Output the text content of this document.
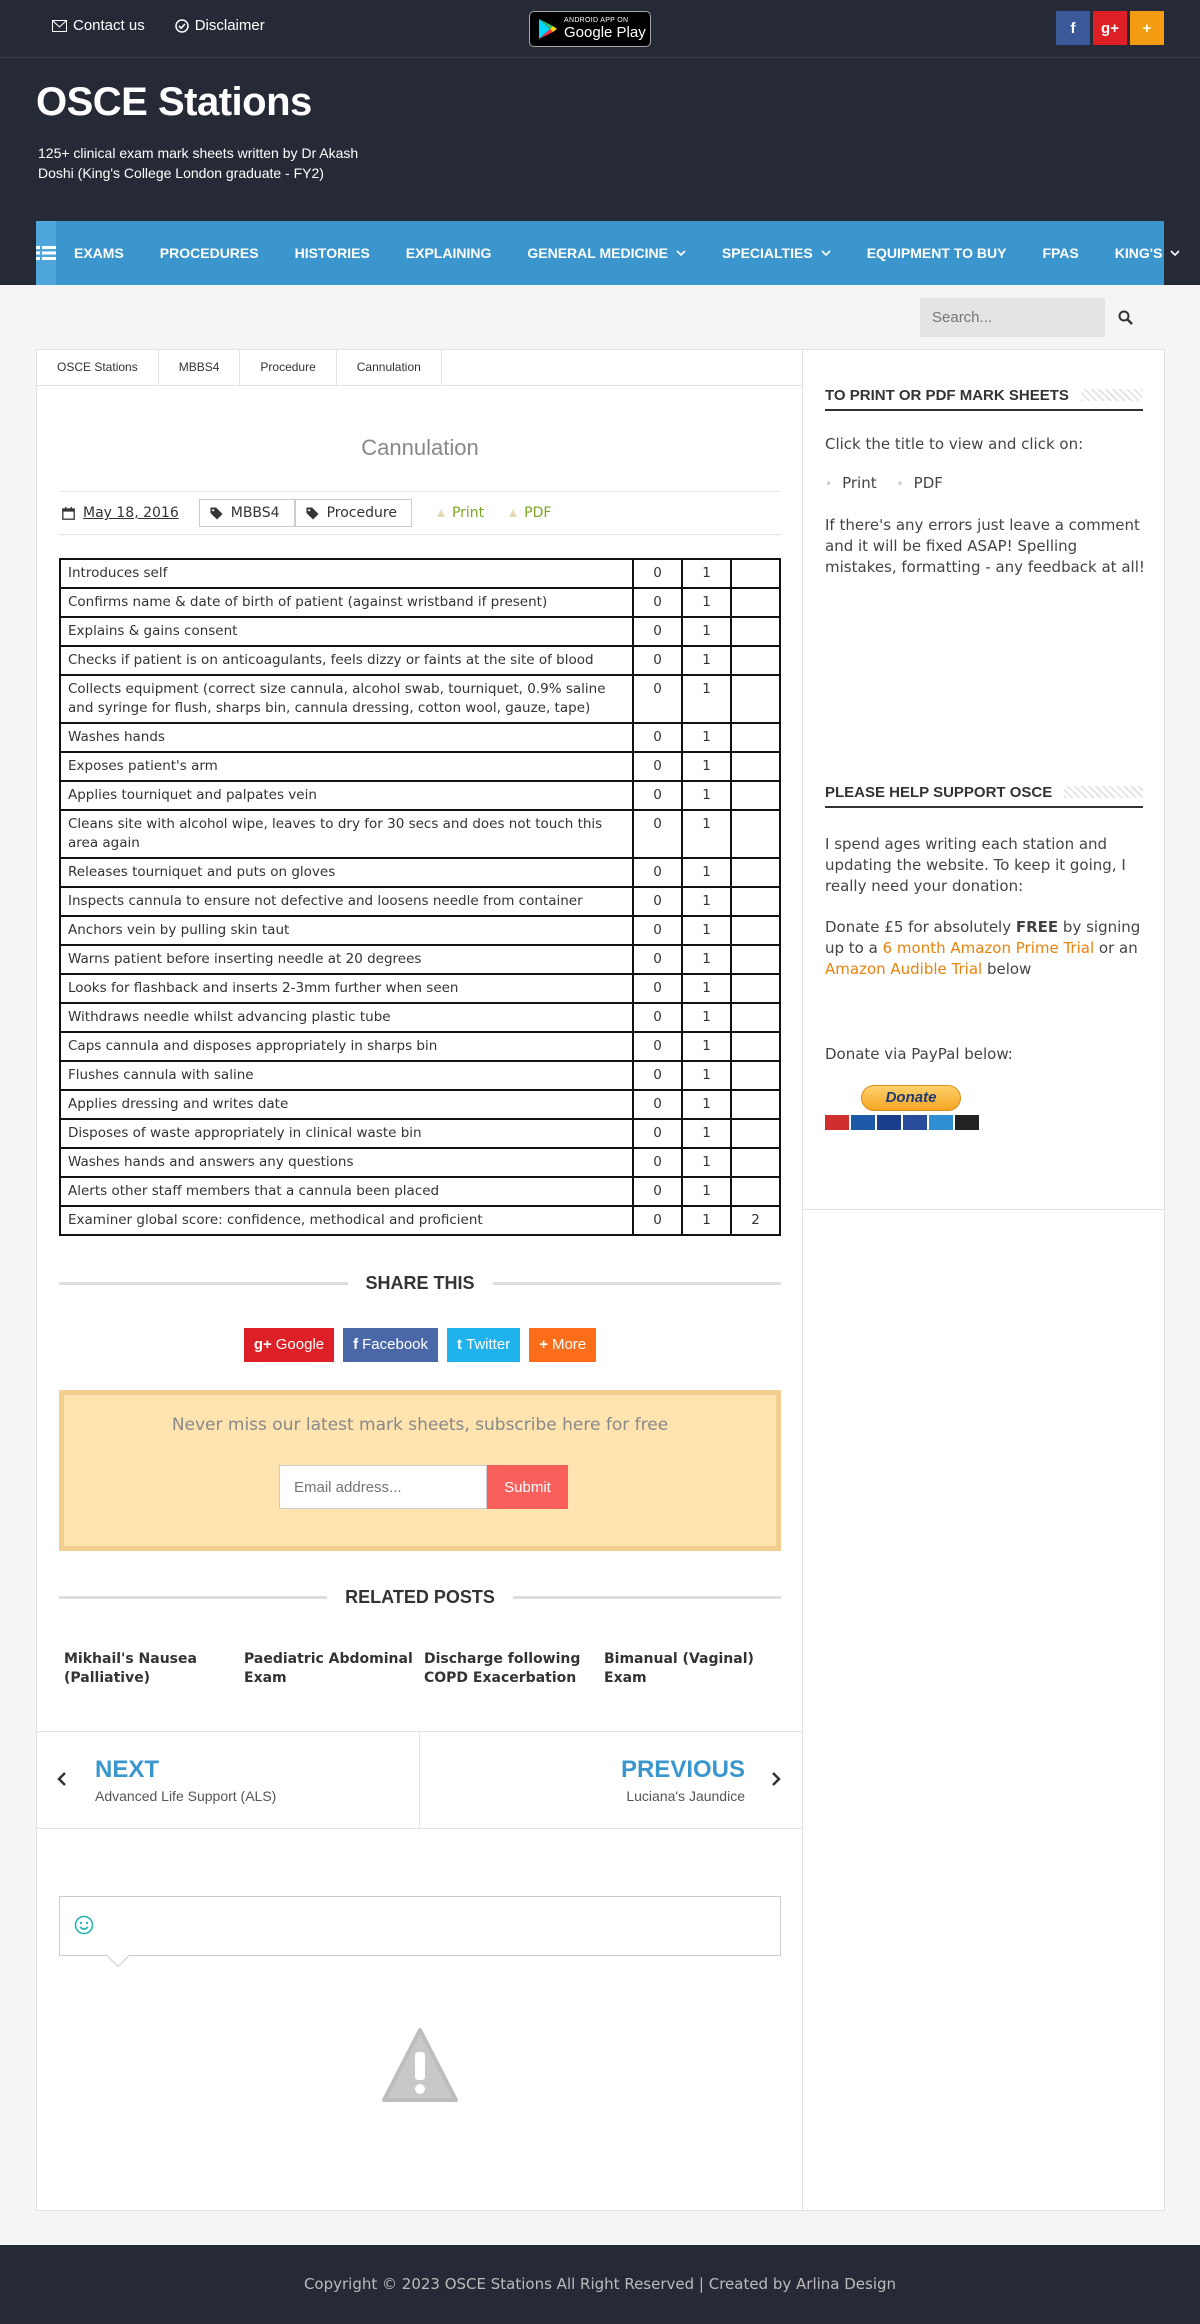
Contact us	Disclaimer	ANDROID APP ON
Google Play	f	g+	+
OSCE Stations

125+ clinical exam mark sheets written by Dr Akash Doshi (King's College London graduate - FY2)

EXAMS	PROCEDURES	HISTORIES	EXPLAINING	GENERAL MEDICINE	SPECIALTIES	EQUIPMENT TO BUY	FPAS	KING'S
Search...
OSCE Stations	MBBS4	Procedure	Cannulation
Cannulation
May 18, 2016	MBBS4	Procedure	Print	PDF
Introduces self	0	1	
Confirms name & date of birth of patient (against wristband if present)	0	1	
Explains & gains consent	0	1	
Checks if patient is on anticoagulants, feels dizzy or faints at the site of blood	0	1	
Collects equipment (correct size cannula, alcohol swab, tourniquet, 0.9% saline and syringe for flush, sharps bin, cannula dressing, cotton wool, gauze, tape)	0	1	
Washes hands	0	1	
Exposes patient's arm	0	1	
Applies tourniquet and palpates vein	0	1	
Cleans site with alcohol wipe, leaves to dry for 30 secs and does not touch this area again	0	1	
Releases tourniquet and puts on gloves	0	1	
Inspects cannula to ensure not defective and loosens needle from container	0	1	
Anchors vein by pulling skin taut	0	1	
Warns patient before inserting needle at 20 degrees	0	1	
Looks for flashback and inserts 2-3mm further when seen	0	1	
Withdraws needle whilst advancing plastic tube	0	1	
Caps cannula and disposes appropriately in sharps bin	0	1	
Flushes cannula with saline	0	1	
Applies dressing and writes date	0	1	
Disposes of waste appropriately in clinical waste bin	0	1	
Washes hands and answers any questions	0	1	
Alerts other staff members that a cannula been placed	0	1	
Examiner global score: confidence, methodical and proficient	0	1	2
SHARE THIS
g+ Google	f Facebook	t Twitter	+ More
Never miss our latest mark sheets, subscribe here for free
Email address...
Submit
RELATED POSTS
Mikhail's Nausea (Palliative)
Paediatric Abdominal Exam
Discharge following COPD Exacerbation
Bimanual (Vaginal) Exam
NEXT
Advanced Life Support (ALS)
PREVIOUS
Luciana's Jaundice
TO PRINT OR PDF MARK SHEETS
Click the title to view and click on:
• Print	• PDF
If there's any errors just leave a comment and it will be fixed ASAP! Spelling mistakes, formatting - any feedback at all!
PLEASE HELP SUPPORT OSCE
I spend ages writing each station and updating the website. To keep it going, I really need your donation:
Donate £5 for absolutely FREE by signing up to a 6 month Amazon Prime Trial or an Amazon Audible Trial below
Donate via PayPal below:
Donate
Copyright © 2023 OSCE Stations All Right Reserved | Created by Arlina Design
